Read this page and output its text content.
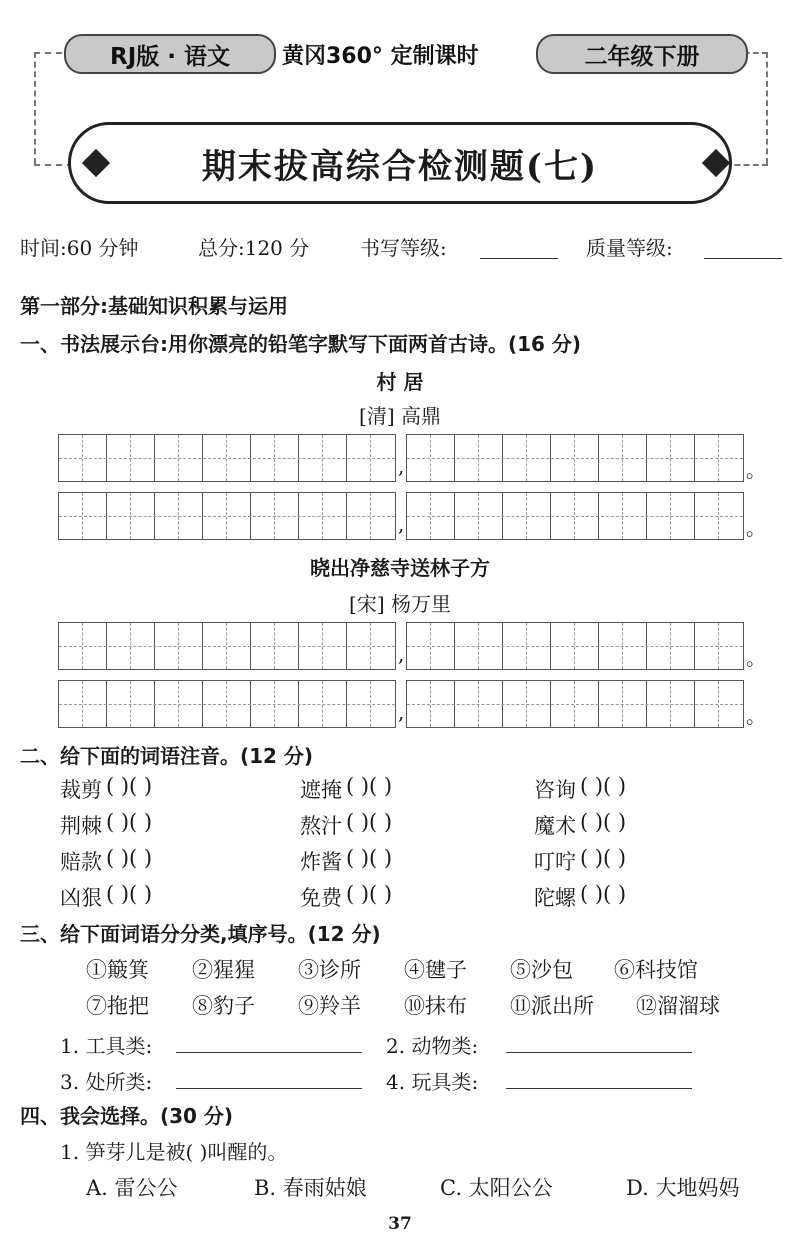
RJ版 · 语文	黄冈360° 定制课时	二年级下册
期末拔高综合检测题(七)
时间:60 分钟	总分:120 分	书写等级:	质量等级:
第一部分:基础知识积累与运用
一、书法展示台:用你漂亮的铅笔字默写下面两首古诗。(16 分)
村 居
[清] 高鼎
,	。
,	。
晓出净慈寺送林子方
[宋] 杨万里
,	。
,	。
二、给下面的词语注音。(12 分)
裁剪 ( )( )	遮掩 ( )( )	咨询 ( )( )
荆棘 ( )( )	熬汁 ( )( )	魔术 ( )( )
赔款 ( )( )	炸酱 ( )( )	叮咛 ( )( )
凶狠 ( )( )	免费 ( )( )	陀螺 ( )( )
三、给下面词语分分类,填序号。(12 分)
①簸箕 ②猩猩 ③诊所 ④毽子 ⑤沙包 ⑥科技馆
⑦拖把 ⑧豹子 ⑨羚羊 ⑩抹布 ⑪派出所 ⑫溜溜球
1. 工具类:	2. 动物类:
3. 处所类:	4. 玩具类:
四、我会选择。(30 分)
1. 笋芽儿是被( )叫醒的。
A. 雷公公	B. 春雨姑娘	C. 太阳公公	D. 大地妈妈
37
